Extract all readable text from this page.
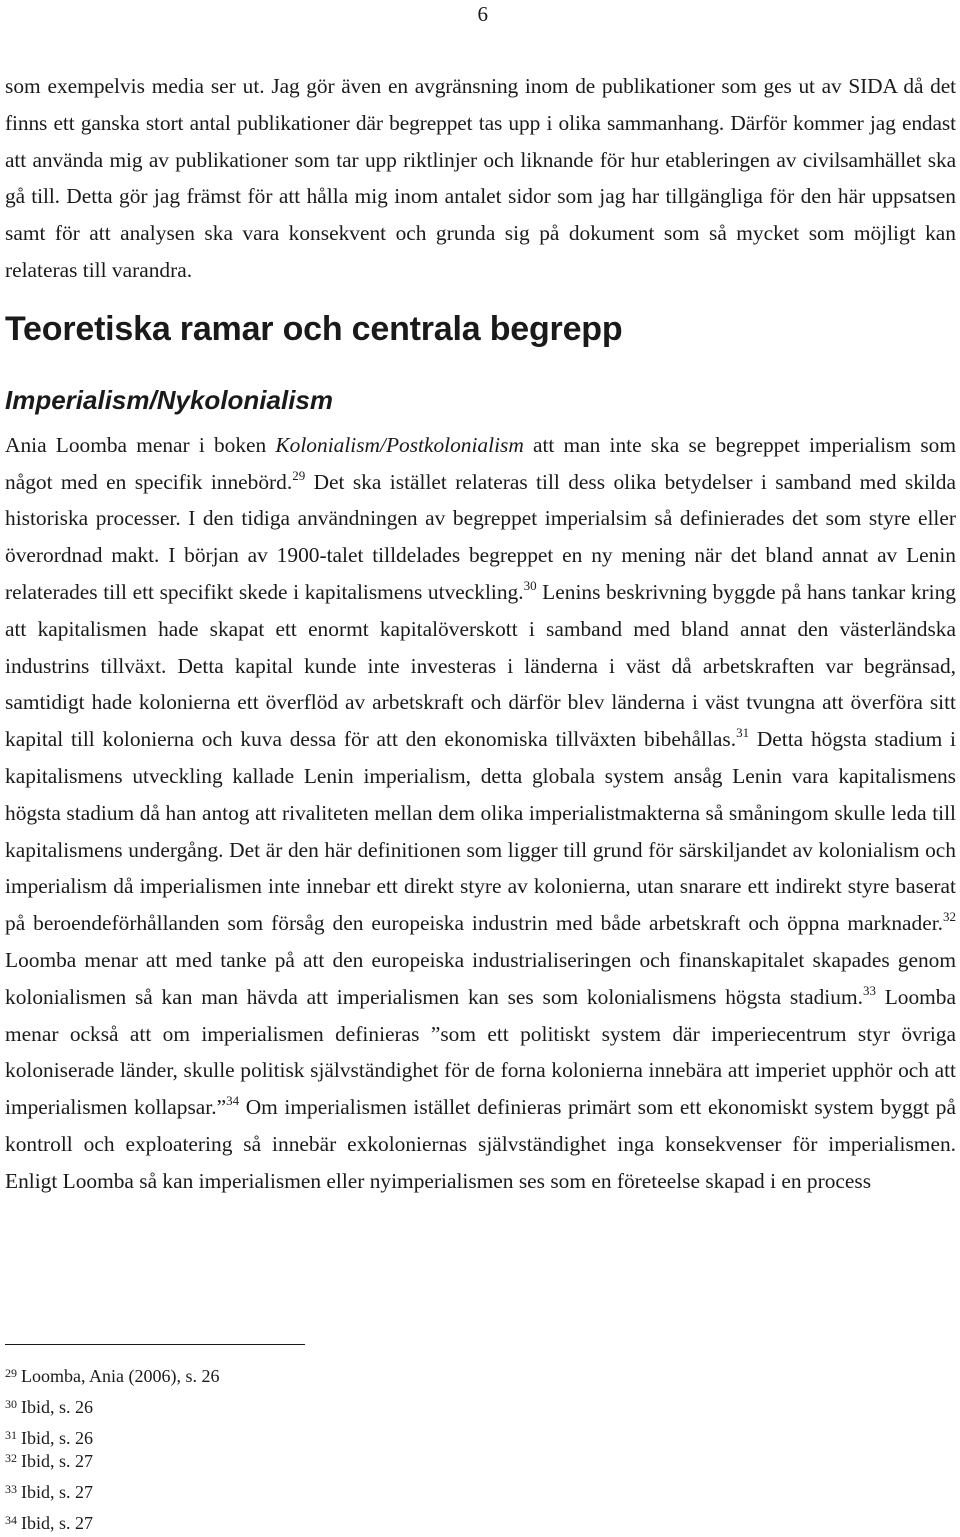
6

som exempelvis media ser ut. Jag gör även en avgränsning inom de publikationer som ges ut av SIDA då det finns ett ganska stort antal publikationer där begreppet tas upp i olika sammanhang. Därför kommer jag endast att använda mig av publikationer som tar upp riktlinjer och liknande för hur etableringen av civilsamhället ska gå till. Detta gör jag främst för att hålla mig inom antalet sidor som jag har tillgängliga för den här uppsatsen samt för att analysen ska vara konsekvent och grunda sig på dokument som så mycket som möjligt kan relateras till varandra.

Teoretiska ramar och centrala begrepp
Imperialism/Nykolonialism

Ania Loomba menar i boken Kolonialism/Postkolonialism att man inte ska se begreppet imperialism som något med en specifik innebörd.$^{29}$ Det ska istället relateras till dess olika betydelser i samband med skilda historiska processer. I den tidiga användningen av begreppet imperialsim så definierades det som styre eller överordnad makt. I början av 1900-talet tilldelades begreppet en ny mening när det bland annat av Lenin relaterades till ett specifikt skede i kapitalismens utveckling.$^{30}$ Lenins beskrivning byggde på hans tankar kring att kapitalismen hade skapat ett enormt kapitalöverskott i samband med bland annat den västerländska industrins tillväxt. Detta kapital kunde inte investeras i länderna i väst då arbetskraften var begränsad, samtidigt hade kolonierna ett överflöd av arbetskraft och därför blev länderna i väst tvungna att överföra sitt kapital till kolonierna och kuva dessa för att den ekonomiska tillväxten bibehållas.$^{31}$ Detta högsta stadium i kapitalismens utveckling kallade Lenin imperialism, detta globala system ansåg Lenin vara kapitalismens högsta stadium då han antog att rivaliteten mellan dem olika imperialistmakterna så småningom skulle leda till kapitalismens undergång. Det är den här definitionen som ligger till grund för särskiljandet av kolonialism och imperialism då imperialismen inte innebar ett direkt styre av kolonierna, utan snarare ett indirekt styre baserat på beroendeförhållanden som försåg den europeiska industrin med både arbetskraft och öppna marknader.$^{32}$ Loomba menar att med tanke på att den europeiska industrialiseringen och finanskapitalet skapades genom kolonialismen så kan man hävda att imperialismen kan ses som kolonialismens högsta stadium.$^{33}$ Loomba menar också att om imperialismen definieras ”som ett politiskt system där imperiecentrum styr övriga koloniserade länder, skulle politisk självständighet för de forna kolonierna innebära att imperiet upphör och att imperialismen kollapsar.”$^{34}$ Om imperialismen istället definieras primärt som ett ekonomiskt system byggt på kontroll och exploatering så innebär exkoloniernas självständighet inga konsekvenser för imperialismen. Enligt Loomba så kan imperialismen eller nyimperialismen ses som en företeelse skapad i en process

$^{29}$ Loomba, Ania (2006), s. 26
$^{30}$ Ibid, s. 26
$^{31}$ Ibid, s. 26
$^{32}$ Ibid, s. 27
$^{33}$ Ibid, s. 27
$^{34}$ Ibid, s. 27
